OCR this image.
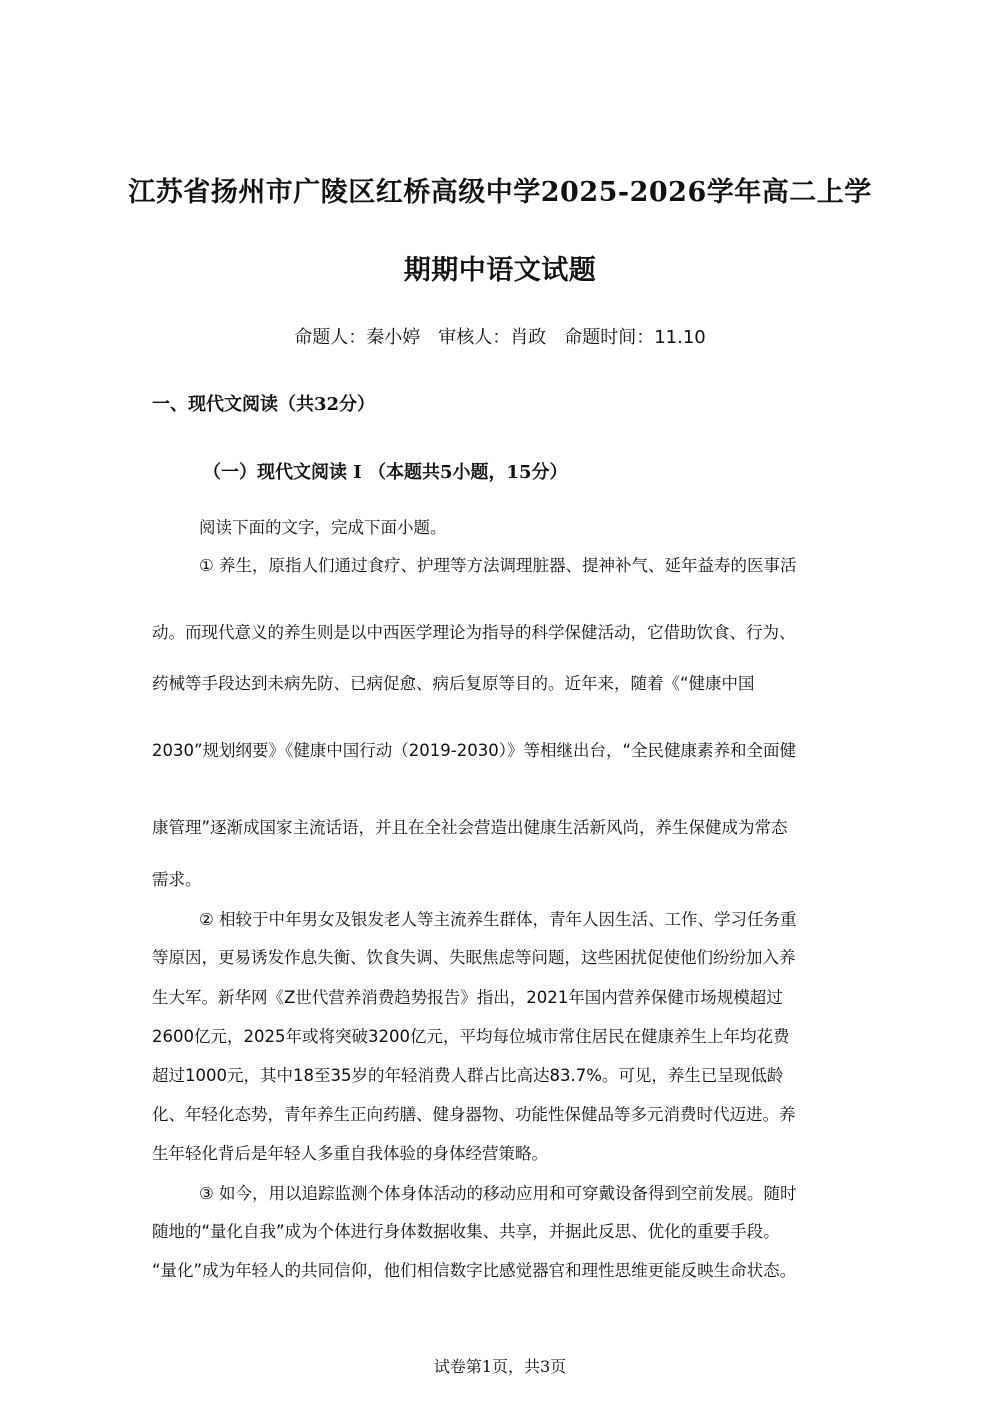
江苏省扬州市广陵区红桥高级中学2025-2026学年高二上学
期期中语文试题
命题人：秦小婷　审核人：肖政　命题时间：11.10
一、现代文阅读（共32分）
（一）现代文阅读 I （本题共5小题，15分）
阅读下面的文字，完成下面小题。
① 养生，原指人们通过食疗、护理等方法调理脏器、提神补气、延年益寿的医事活
动。而现代意义的养生则是以中西医学理论为指导的科学保健活动，它借助饮食、行为、
药械等手段达到未病先防、已病促愈、病后复原等目的。近年来，随着《“健康中国
2030”规划纲要》《健康中国行动（2019-2030）》等相继出台，“全民健康素养和全面健
康管理”逐渐成国家主流话语，并且在全社会营造出健康生活新风尚，养生保健成为常态
需求。
② 相较于中年男女及银发老人等主流养生群体，青年人因生活、工作、学习任务重
等原因，更易诱发作息失衡、饮食失调、失眠焦虑等问题，这些困扰促使他们纷纷加入养
生大军。新华网《Z世代营养消费趋势报告》指出，2021年国内营养保健市场规模超过
2600亿元，2025年或将突破3200亿元，平均每位城市常住居民在健康养生上年均花费
超过1000元，其中18至35岁的年轻消费人群占比高达83.7%。可见，养生已呈现低龄
化、年轻化态势，青年养生正向药膳、健身器物、功能性保健品等多元消费时代迈进。养
生年轻化背后是年轻人多重自我体验的身体经营策略。
③ 如今，用以追踪监测个体身体活动的移动应用和可穿戴设备得到空前发展。随时
随地的“量化自我”成为个体进行身体数据收集、共享，并据此反思、优化的重要手段。
“量化”成为年轻人的共同信仰，他们相信数字比感觉器官和理性思维更能反映生命状态。
试卷第1页，共3页
